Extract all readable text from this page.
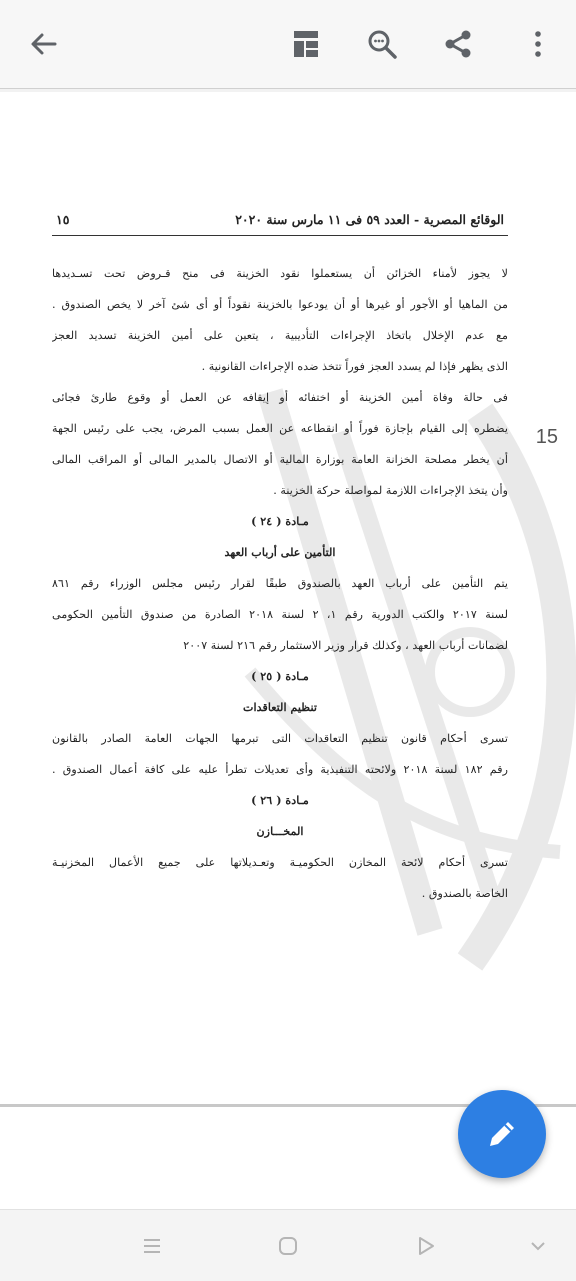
الوقائع المصرية - العدد ٥٩ فى ١١ مارس سنة ٢٠٢٠
١٥
لا يجوز لأمناء الخزائن أن يستعملوا نقود الخزينة فى منح قـروض تحت تسـديدها
من الماهيا أو الأجور أو غيرها أو أن يودعوا بالخزينة نقوداً أو أى شئ آخر لا يخص الصندوق .
مع عدم الإخلال باتخاذ الإجراءات التأديبية ، يتعين على أمين الخزينة تسديد العجز
الذى يظهر فإذا لم يسدد العجز فوراً تتخذ ضده الإجراءات القانونية .
فى حالة وفاة أمين الخزينة أو اختفائه أو إيقافه عن العمل أو وقوع طارئ فجائى
يضطره إلى القيام بإجازة فوراً أو انقطاعه عن العمل بسبب المرض، يجب على رئيس الجهة
أن يخطر مصلحة الخزانة العامة بوزارة المالية أو الاتصال بالمدير المالى أو المراقب المالى
وأن يتخذ الإجراءات اللازمة لمواصلة حركة الخزينة .
مـادة ( ٢٤ )
التأمين على أرباب العهد
يتم التأمين على أرباب العهد بالصندوق طبقًا لقرار رئيس مجلس الوزراء رقم ٨٦١
لسنة ٢٠١٧ والكتب الدورية رقم ١، ٢ لسنة ٢٠١٨ الصادرة من صندوق التأمين الحكومى
لضمانات أرباب العهد ، وكذلك قرار وزير الاستثمار رقم ٢١٦ لسنة ٢٠٠٧
مـادة ( ٢٥ )
تنظيم التعاقدات
تسرى أحكام قانون تنظيم التعاقدات التى تبرمها الجهات العامة الصادر بالقانون
رقم ١٨٢ لسنة ٢٠١٨ ولائحته التنفيذية وأى تعديلات تطرأ عليه على كافة أعمال الصندوق .
مـادة ( ٢٦ )
المخـــازن
تسرى أحكام لائحة المخازن الحكوميـة وتعـديلاتها على جميع الأعمال المخزنيـة
الخاصة بالصندوق .
15
